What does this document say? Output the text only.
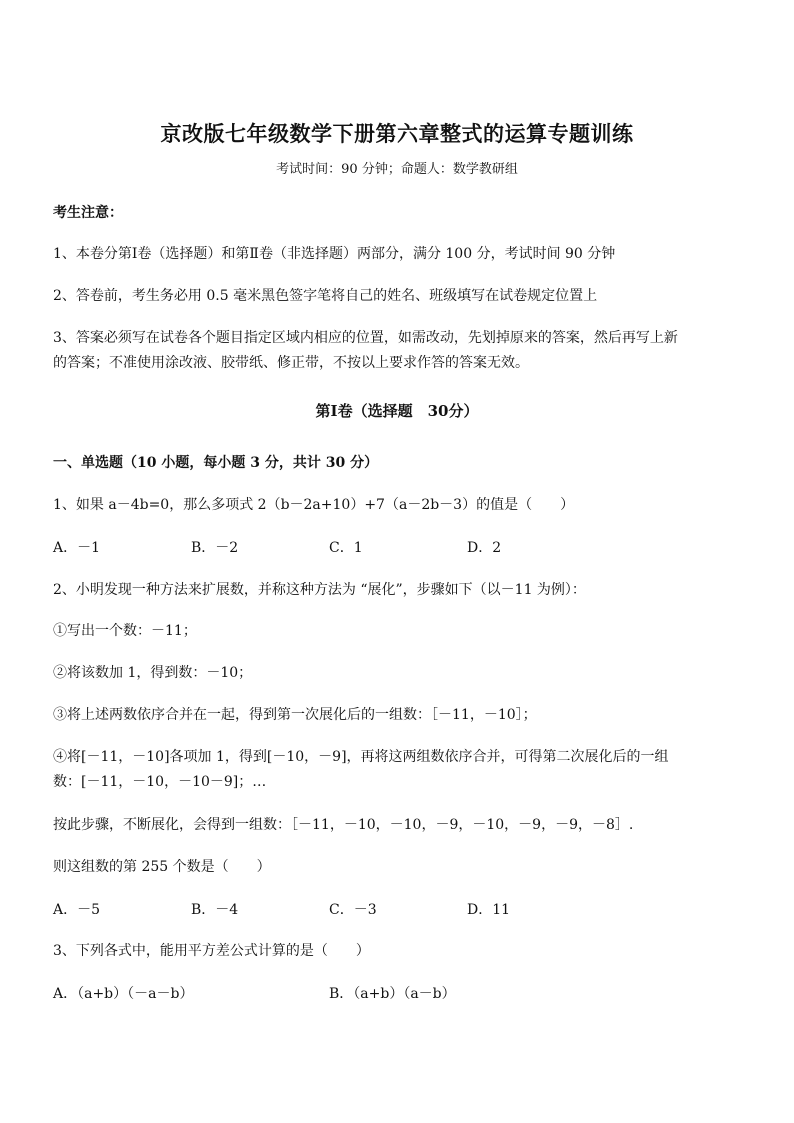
京改版七年级数学下册第六章整式的运算专题训练
考试时间：90 分钟；命题人：数学教研组
考生注意：
1、本卷分第Ⅰ卷（选择题）和第Ⅱ卷（非选择题）两部分，满分 100 分，考试时间 90 分钟
2、答卷前，考生务必用 0.5 毫米黑色签字笔将自己的姓名、班级填写在试卷规定位置上
3、答案必须写在试卷各个题目指定区域内相应的位置，如需改动，先划掉原来的答案，然后再写上新
的答案；不准使用涂改液、胶带纸、修正带，不按以上要求作答的答案无效。
第Ⅰ卷（选择题　30分）
一、单选题（10 小题，每小题 3 分，共计 30 分）
1、如果 a－4b=0，那么多项式 2（b－2a+10）+7（a－2b－3）的值是（　　）
A．－1	B．－2	C．1	D．2
2、小明发现一种方法来扩展数，并称这种方法为 “展化”，步骤如下（以－11 为例）：
①写出一个数：－11；
②将该数加 1，得到数：－10；
③将上述两数依序合并在一起，得到第一次展化后的一组数：［－11，－10］；
④将[－11，－10]各项加 1，得到[－10，－9]，再将这两组数依序合并，可得第二次展化后的一组
数：[－11，－10，－10－9]；…
按此步骤，不断展化，会得到一组数：［－11，－10，－10，－9，－10，－9，－9，－8］.
则这组数的第 255 个数是（　　）
A．－5	B．－4	C．－3	D．11
3、下列各式中，能用平方差公式计算的是（　　）
A．（a+b）（－a－b）	B．（a+b）（a－b）
